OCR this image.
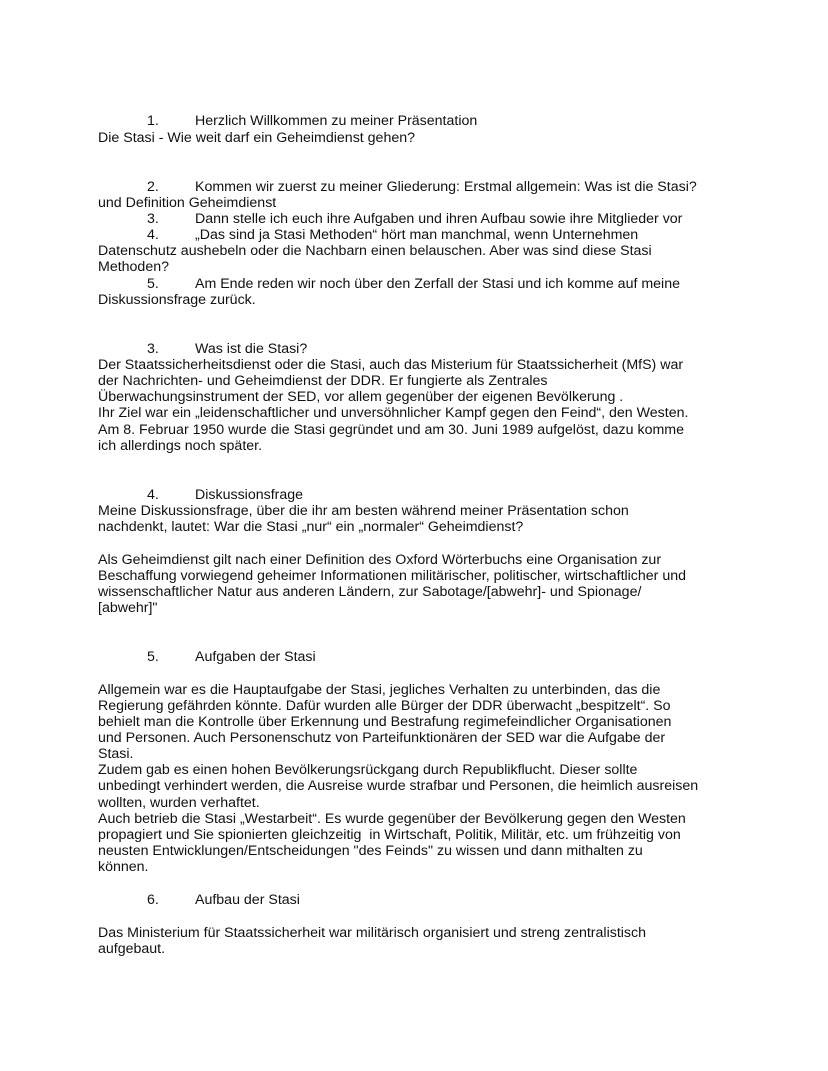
1.	Herzlich Willkommen zu meiner Präsentation
Die Stasi - Wie weit darf ein Geheimdienst gehen?
2.	Kommen wir zuerst zu meiner Gliederung: Erstmal allgemein: Was ist die Stasi?
und Definition Geheimdienst
3.	Dann stelle ich euch ihre Aufgaben und ihren Aufbau sowie ihre Mitglieder vor
4.	„Das sind ja Stasi Methoden“ hört man manchmal, wenn Unternehmen
Datenschutz aushebeln oder die Nachbarn einen belauschen. Aber was sind diese Stasi
Methoden?
5.	Am Ende reden wir noch über den Zerfall der Stasi und ich komme auf meine
Diskussionsfrage zurück.
3.	Was ist die Stasi?
Der Staatssicherheitsdienst oder die Stasi, auch das Misterium für Staatssicherheit (MfS) war
der Nachrichten- und Geheimdienst der DDR. Er fungierte als Zentrales
Überwachungsinstrument der SED, vor allem gegenüber der eigenen Bevölkerung .
Ihr Ziel war ein „leidenschaftlicher und unversöhnlicher Kampf gegen den Feind“, den Westen.
Am 8. Februar 1950 wurde die Stasi gegründet und am 30. Juni 1989 aufgelöst, dazu komme
ich allerdings noch später.
4.	Diskussionsfrage
Meine Diskussionsfrage, über die ihr am besten während meiner Präsentation schon
nachdenkt, lautet: War die Stasi „nur“ ein „normaler“ Geheimdienst?
Als Geheimdienst gilt nach einer Definition des Oxford Wörterbuchs eine Organisation zur
Beschaffung vorwiegend geheimer Informationen militärischer, politischer, wirtschaftlicher und
wissenschaftlicher Natur aus anderen Ländern, zur Sabotage/[abwehr]- und Spionage/
[abwehr]"
5.	Aufgaben der Stasi
Allgemein war es die Hauptaufgabe der Stasi, jegliches Verhalten zu unterbinden, das die
Regierung gefährden könnte. Dafür wurden alle Bürger der DDR überwacht „bespitzelt“. So
behielt man die Kontrolle über Erkennung und Bestrafung regimefeindlicher Organisationen
und Personen. Auch Personenschutz von Parteifunktionären der SED war die Aufgabe der
Stasi.
Zudem gab es einen hohen Bevölkerungsrückgang durch Republikflucht. Dieser sollte
unbedingt verhindert werden, die Ausreise wurde strafbar und Personen, die heimlich ausreisen
wollten, wurden verhaftet.
Auch betrieb die Stasi „Westarbeit“. Es wurde gegenüber der Bevölkerung gegen den Westen
propagiert und Sie spionierten gleichzeitig  in Wirtschaft, Politik, Militär, etc. um frühzeitig von
neusten Entwicklungen/Entscheidungen "des Feinds" zu wissen und dann mithalten zu
können.
6.	Aufbau der Stasi
Das Ministerium für Staatssicherheit war militärisch organisiert und streng zentralistisch
aufgebaut.
